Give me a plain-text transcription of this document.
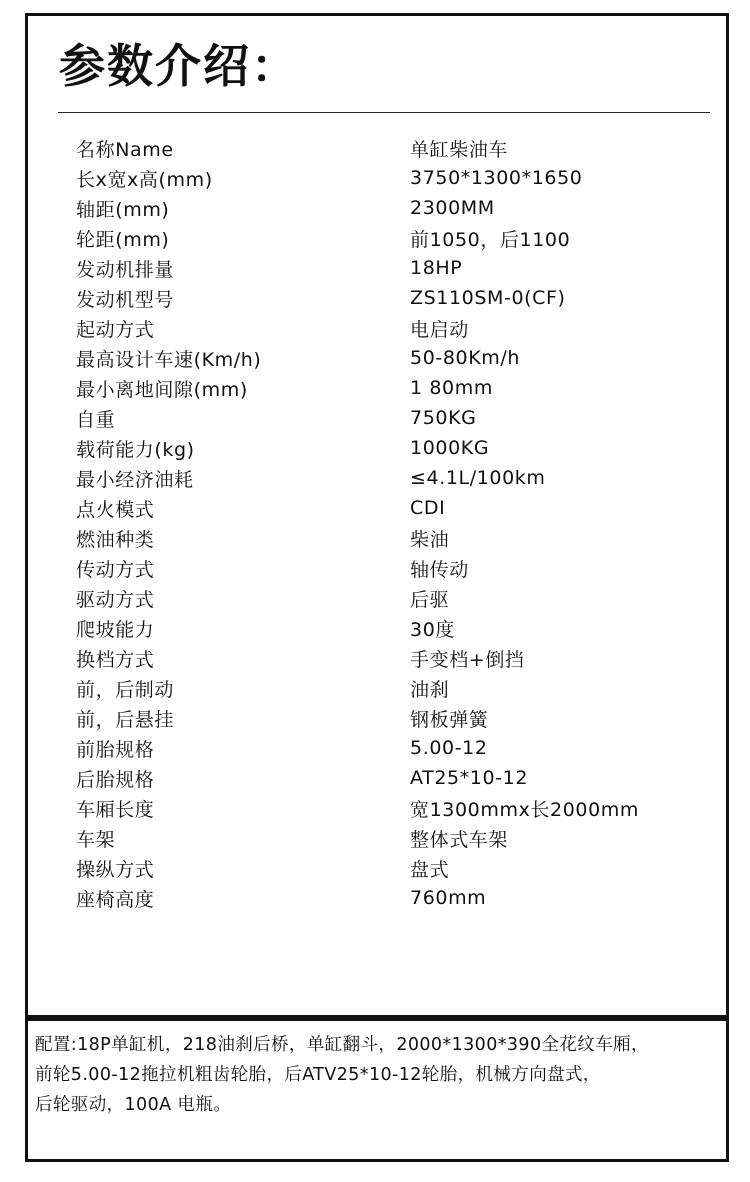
参数介绍：
名称Name	单缸柴油车
长x宽x高(mm)	3750*1300*1650
轴距(mm)	2300MM
轮距(mm)	前1050，后1100
发动机排量	18HP
发动机型号	ZS110SM-0(CF)
起动方式	电启动
最高设计车速(Km/h)	50-80Km/h
最小离地间隙(mm)	1 80mm
自重	750KG
载荷能力(kg)	1000KG
最小经济油耗	≤4.1L/100km
点火模式	CDI
燃油种类	柴油
传动方式	轴传动
驱动方式	后驱
爬坡能力	30度
换档方式	手变档+倒挡
前，后制动	油刹
前，后悬挂	钢板弹簧
前胎规格	5.00-12
后胎规格	AT25*10-12
车厢长度	宽1300mmx长2000mm
车架	整体式车架
操纵方式	盘式
座椅高度	760mm
配置:18P单缸机，218油刹后桥，单缸翻斗，2000*1300*390全花纹车厢，
前轮5.00-12拖拉机粗齿轮胎，后ATV25*10-12轮胎，机械方向盘式，
后轮驱动，100A 电瓶。
